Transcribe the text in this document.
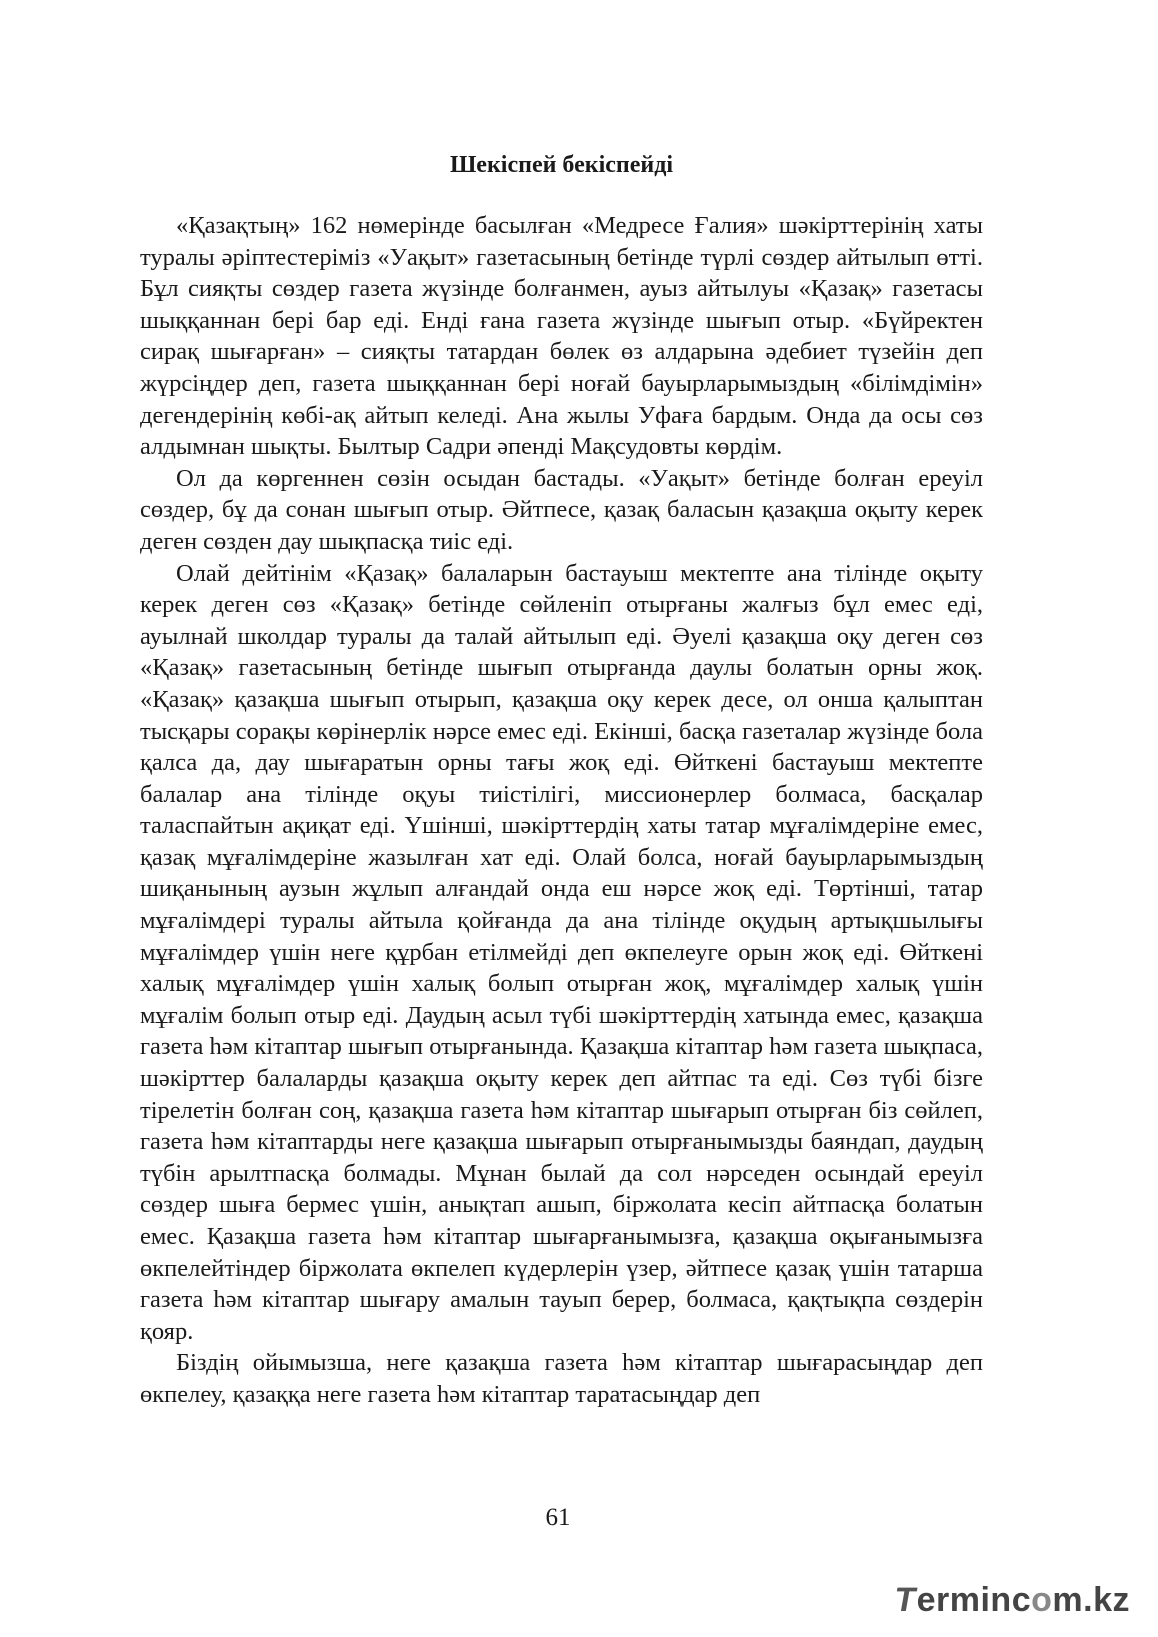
Шекіспей бекіспейді

«Қазақтың» 162 нөмерінде басылған «Медресе Ғалия» шәкірттерінің хаты туралы әріптестеріміз «Уақыт» газетасының бетінде түрлі сөздер айтылып өтті. Бұл сияқты сөздер газета жүзінде болғанмен, ауыз айтылуы «Қазақ» газетасы шыққаннан бері бар еді. Енді ғана газета жүзінде шығып отыр. «Бүйректен сирақ шығарған» – сияқты татардан бөлек өз алдарына әдебиет түзейін деп жүрсіңдер деп, газета шыққаннан бері ноғай бауырларымыздың «білімдімін» дегендерінің көбі-ақ айтып келеді. Ана жылы Уфаға бардым. Онда да осы сөз алдымнан шықты. Былтыр Садри әпенді Мақсудовты көрдім.

Ол да көргеннен сөзін осыдан бастады. «Уақыт» бетінде болған ереуіл сөздер, бұ да сонан шығып отыр. Әйтпесе, қазақ баласын қазақша оқыту керек деген сөзден дау шықпасқа тиіс еді.

Олай дейтінім «Қазақ» балаларын бастауыш мектепте ана тілінде оқыту керек деген сөз «Қазақ» бетінде сөйленіп отырғаны жалғыз бұл емес еді, ауылнай школдар туралы да талай айтылып еді. Әуелі қазақша оқу деген сөз «Қазақ» газетасының бетінде шығып отырғанда даулы болатын орны жоқ. «Қазақ» қазақша шығып отырып, қазақша оқу керек десе, ол онша қалыптан тысқары сорақы көрінерлік нәрсе емес еді. Екінші, басқа газеталар жүзінде бола қалса да, дау шығаратын орны тағы жоқ еді. Өйткені бастауыш мектепте балалар ана тілінде оқуы тиістілігі, миссионерлер болмаса, басқалар таласпайтын ақиқат еді. Үшінші, шәкірттердің хаты татар мұғалімдеріне емес, қазақ мұғалімдеріне жазылған хат еді. Олай болса, ноғай бауырларымыздың шиқанының аузын жұлып алғандай онда еш нәрсе жоқ еді. Төртінші, татар мұғалімдері туралы айтыла қойғанда да ана тілінде оқудың артықшылығы мұғалімдер үшін неге құрбан етілмейді деп өкпелеуге орын жоқ еді. Өйткені халық мұғалімдер үшін халық болып отырған жоқ, мұғалімдер халық үшін мұғалім болып отыр еді. Даудың асыл түбі шәкірттердің хатында емес, қазақша газета һәм кітаптар шығып отырғанында. Қазақша кітаптар һәм газета шықпаса, шәкірттер балаларды қазақша оқыту керек деп айтпас та еді. Сөз түбі бізге тірелетін болған соң, қазақша газета һәм кітаптар шығарып отырған біз сөйлеп, газета һәм кітаптарды неге қазақша шығарып отырғанымызды баяндап, даудың түбін арылтпасқа болмады. Мұнан былай да сол нәрседен осындай ереуіл сөздер шыға бермес үшін, анықтап ашып, біржолата кесіп айтпасқа болатын емес. Қазақша газета һәм кітаптар шығарғанымызға, қазақша оқығанымызға өкпелейтіндер біржолата өкпелеп күдерлерін үзер, әйтпесе қазақ үшін татарша газета һәм кітаптар шығару амалын тауып берер, болмаса, қақтықпа сөздерін қояр.

Біздің ойымызша, неге қазақша газета һәм кітаптар шығарасыңдар деп өкпелеу, қазаққа неге газета һәм кітаптар таратасыңдар деп

61
Termincom.kz
